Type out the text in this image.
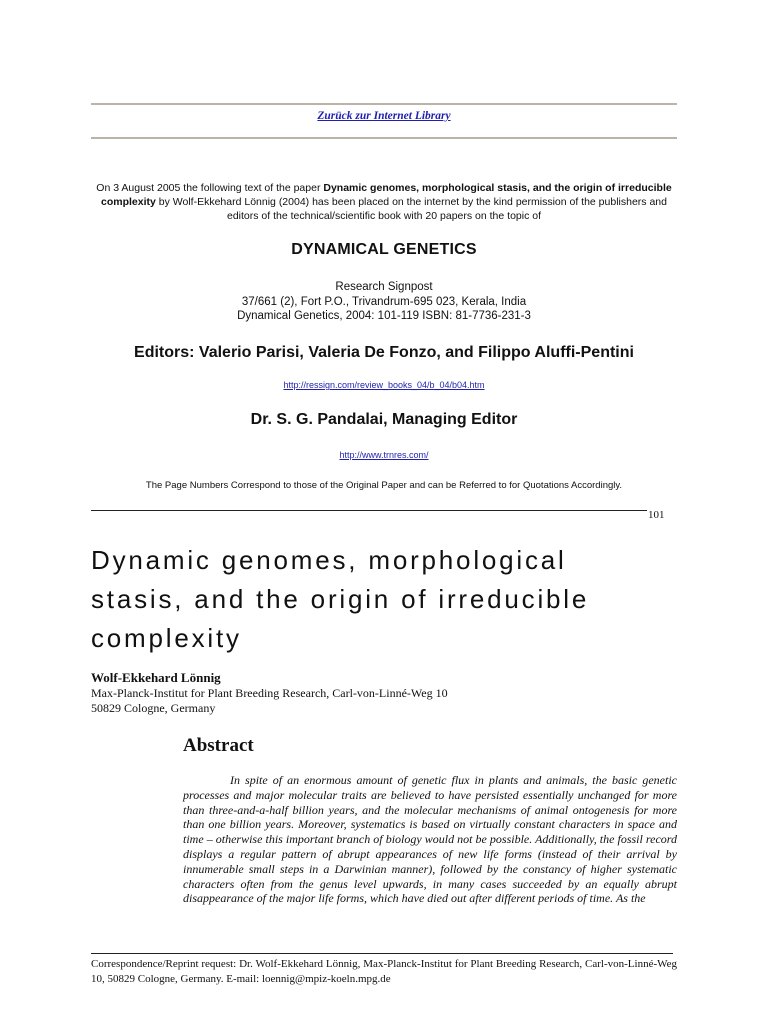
Zurück zur Internet Library
On 3 August 2005 the following text of the paper Dynamic genomes, morphological stasis, and the origin of irreducible complexity by Wolf-Ekkehard Lönnig (2004) has been placed on the internet by the kind permission of the publishers and editors of the technical/scientific book with 20 papers on the topic of
DYNAMICAL GENETICS
Research Signpost
37/661 (2), Fort P.O., Trivandrum-695 023, Kerala, India
Dynamical Genetics, 2004: 101-119 ISBN: 81-7736-231-3
Editors: Valerio Parisi, Valeria De Fonzo, and Filippo Aluffi-Pentini
http://ressign.com/review_books_04/b_04/b04.htm
Dr. S. G. Pandalai, Managing Editor
http://www.trnres.com/
The Page Numbers Correspond to those of the Original Paper and can be Referred to for Quotations Accordingly.
101
Dynamic genomes, morphological
stasis, and the origin of irreducible
complexity
Wolf-Ekkehard Lönnig
Max-Planck-Institut for Plant Breeding Research, Carl-von-Linné-Weg 10
50829 Cologne, Germany
Abstract

In spite of an enormous amount of genetic flux in plants and animals, the basic genetic processes and major molecular traits are believed to have persisted essentially unchanged for more than three-and-a-half billion years, and the molecular mechanisms of animal ontogenesis for more than one billion years. Moreover, systematics is based on virtually constant characters in space and time – otherwise this important branch of biology would not be possible. Additionally, the fossil record displays a regular pattern of abrupt appearances of new life forms (instead of their arrival by innumerable small steps in a Darwinian manner), followed by the constancy of higher systematic characters often from the genus level upwards, in many cases succeeded by an equally abrupt disappearance of the major life forms, which have died out after different periods of time. As the

Correspondence/Reprint request: Dr. Wolf-Ekkehard Lönnig, Max-Planck-Institut for Plant Breeding Research, Carl-von-Linné-Weg 10, 50829 Cologne, Germany. E-mail: loennig@mpiz-koeln.mpg.de
